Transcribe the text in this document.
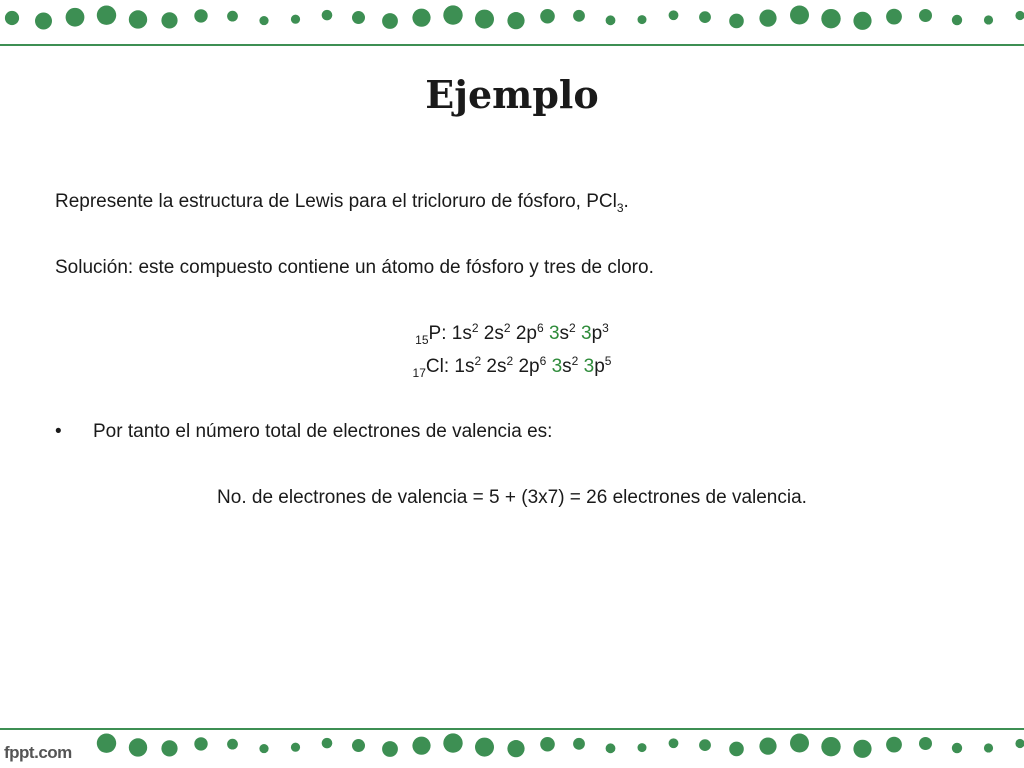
Ejemplo
Represente la estructura de Lewis para el tricloruro de fósforo, PCl$_3$.
Solución: este compuesto contiene un átomo de fósforo y tres de cloro.
$_{15}$P: $1s^2$ $2s^2$ $2p^6$ $3s^2$ $3p^3$
$_{17}$Cl: $1s^2$ $2s^2$ $2p^6$ $3s^2$ $3p^5$
• Por tanto el número total de electrones de valencia es:
No. de electrones de valencia = 5 + (3x7) = 26 electrones de valencia.
fppt.com
